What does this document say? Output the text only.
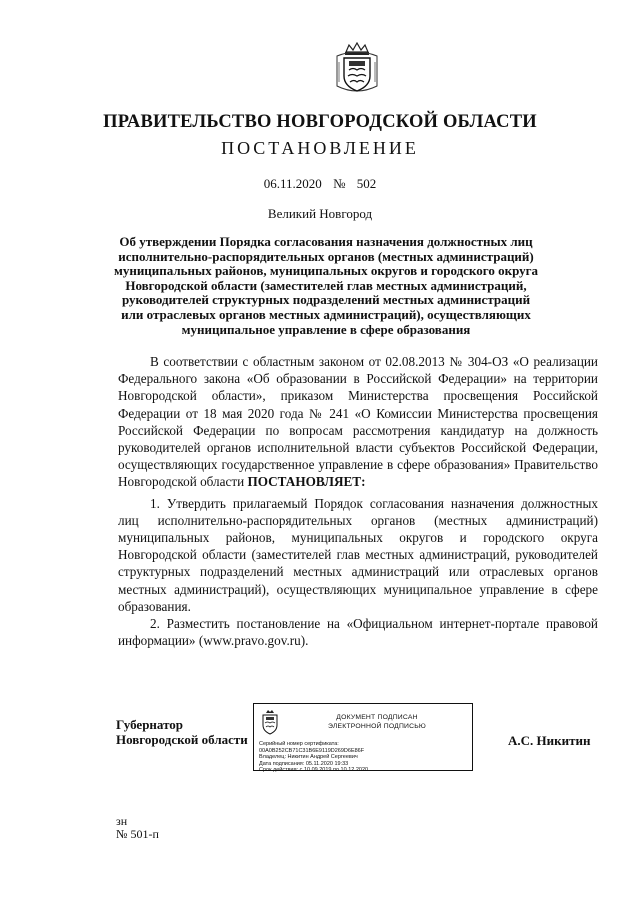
ПРАВИТЕЛЬСТВО НОВГОРОДСКОЙ ОБЛАСТИ
ПОСТАНОВЛЕНИЕ
06.11.2020 № 502
Великий Новгород
Об утверждении Порядка согласования назначения должностных лиц
исполнительно-распорядительных органов (местных администраций)
муниципальных районов, муниципальных округов и городского округа
Новгородской области (заместителей глав местных администраций,
руководителей структурных подразделений местных администраций
или отраслевых органов местных администраций), осуществляющих
муниципальное управление в сфере образования

В соответствии с областным законом от 02.08.2013 № 304-ОЗ «О реализации Федерального закона «Об образовании в Российской Федерации» на территории Новгородской области», приказом Министерства просвещения Российской Федерации от 18 мая 2020 года № 241 «О Комиссии Министерства просвещения Российской Федерации по вопросам рассмотрения кандидатур на должность руководителей органов исполнительной власти субъектов Российской Федерации, осуществляющих государственное управление в сфере образования» Правительство Новгородской области ПОСТАНОВЛЯЕТ:

1. Утвердить прилагаемый Порядок согласования назначения должностных лиц исполнительно-распорядительных органов (местных администраций) муниципальных районов, муниципальных округов и городского округа Новгородской области (заместителей глав местных администраций, руководителей структурных подразделений местных администраций или отраслевых органов местных администраций), осуществляющих муниципальное управление в сфере образования.

2. Разместить постановление на «Официальном интернет-портале правовой информации» (www.pravo.gov.ru).

Губернатор
Новгородской области
ДОКУМЕНТ ПОДПИСАН
ЭЛЕКТРОННОЙ ПОДПИСЬЮ
Серийный номер сертификата:
00A0B252CB71C31B6E9119D269D6E86F
Владелец: Никитин Андрей Сергеевич
Дата подписания: 05.11.2020 19:33
Срок действия: с 10.09.2019 по 10.12.2020
А.С. Никитин
зн
№ 501-п
